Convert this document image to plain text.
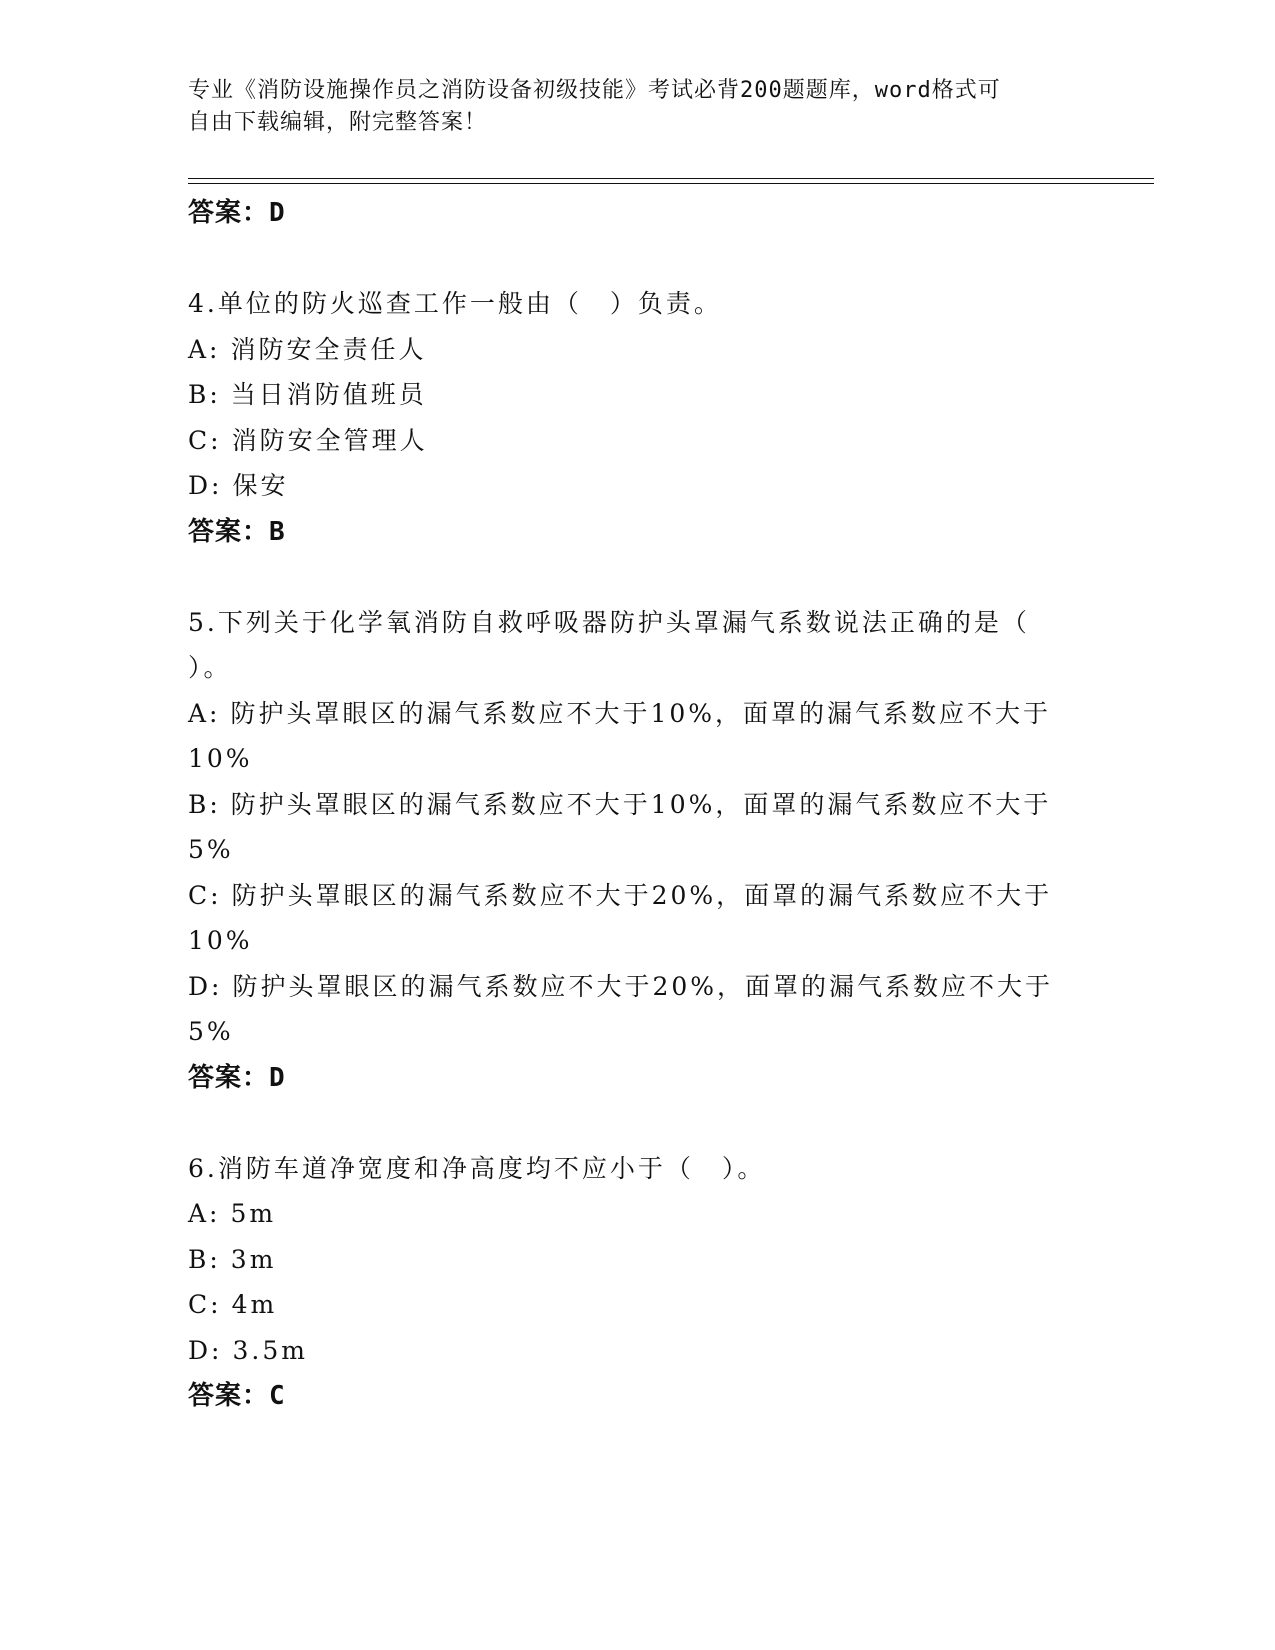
专业《消防设施操作员之消防设备初级技能》考试必背200题题库，word格式可
自由下载编辑，附完整答案！
答案： D

4.单位的防火巡查工作一般由（　）负责。

A: 消防安全责任人

B: 当日消防值班员

C: 消防安全管理人

D: 保安

答案： B

5.下列关于化学氧消防自救呼吸器防护头罩漏气系数说法正确的是（

）。

A: 防护头罩眼区的漏气系数应不大于10%，面罩的漏气系数应不大于

10%

B: 防护头罩眼区的漏气系数应不大于10%，面罩的漏气系数应不大于

5%

C: 防护头罩眼区的漏气系数应不大于20%，面罩的漏气系数应不大于

10%

D: 防护头罩眼区的漏气系数应不大于20%，面罩的漏气系数应不大于

5%

答案： D

6.消防车道净宽度和净高度均不应小于（　）。

A: 5m

B: 3m

C: 4m

D: 3.5m

答案： C
